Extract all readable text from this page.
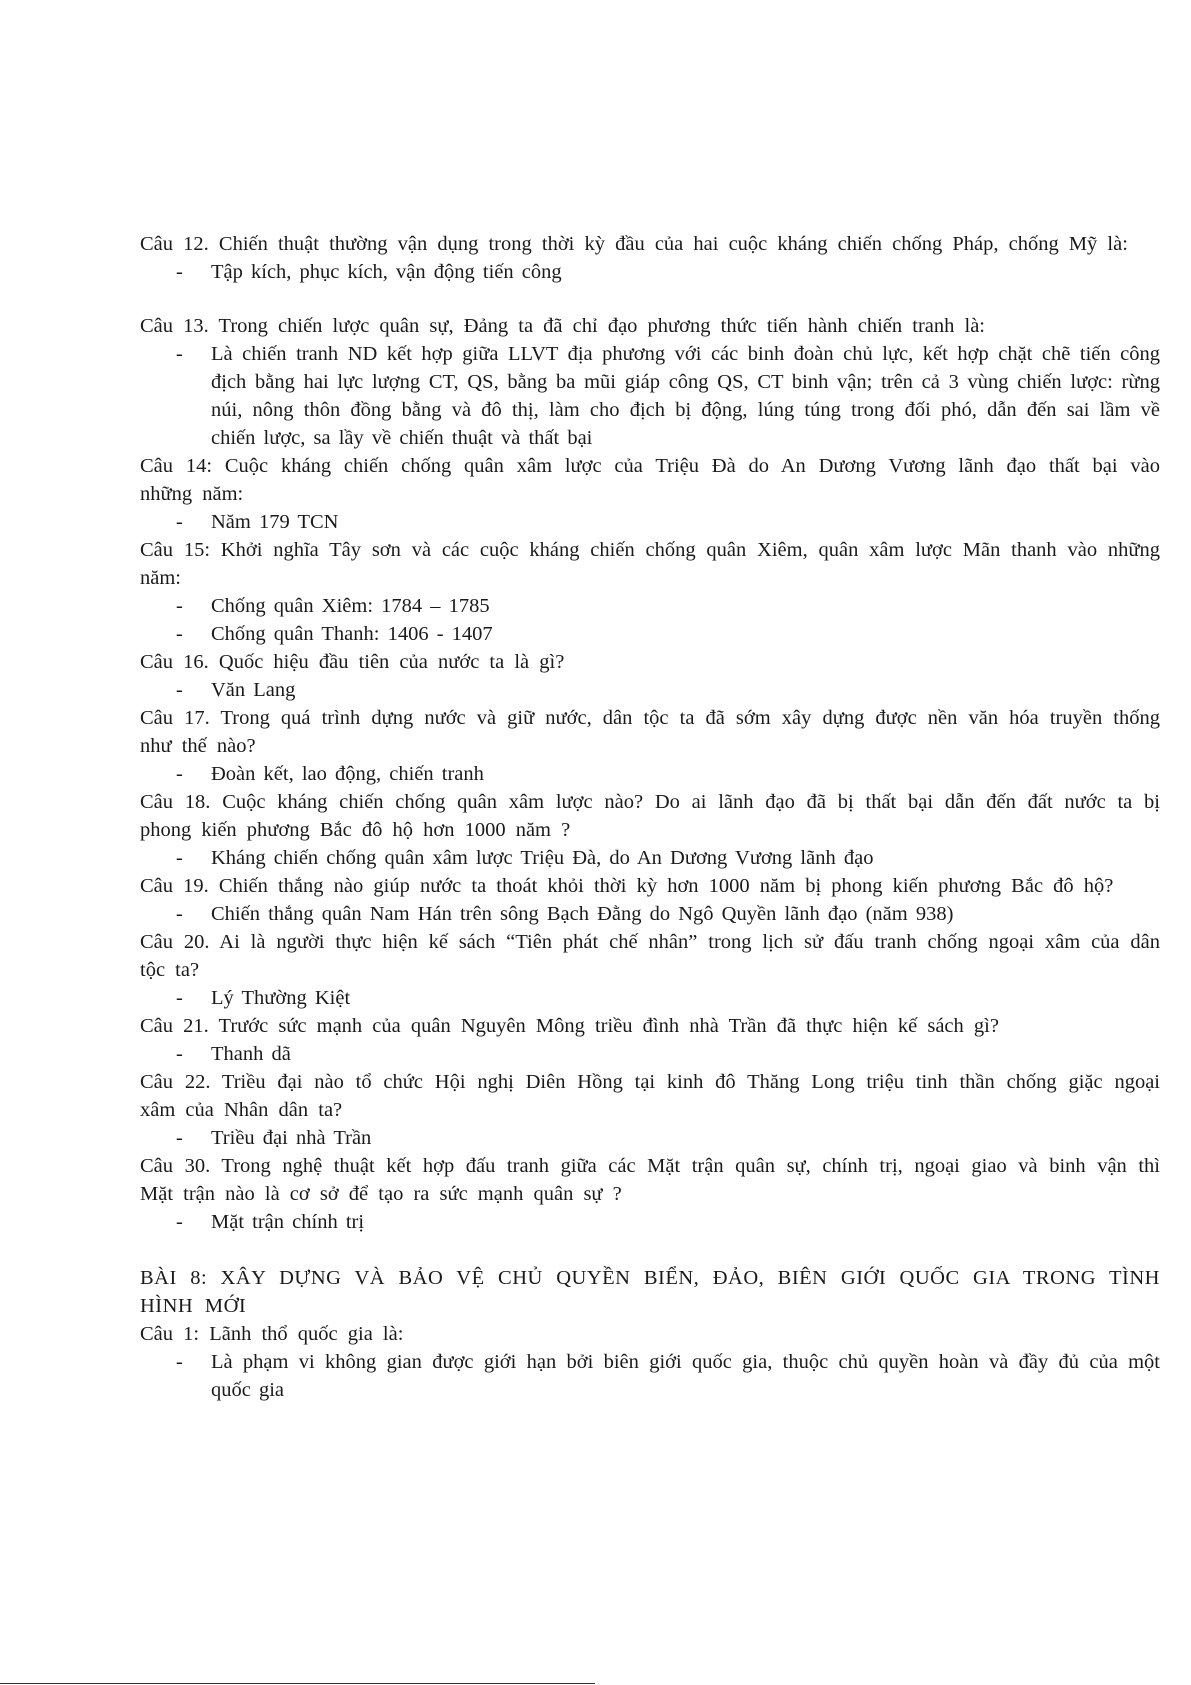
Câu 12. Chiến thuật thường vận dụng trong thời kỳ đầu của hai cuộc kháng chiến chống Pháp, chống Mỹ là:
- Tập kích, phục kích, vận động tiến công
Câu 13. Trong chiến lược quân sự, Đảng ta đã chỉ đạo phương thức tiến hành chiến tranh là:
- Là chiến tranh ND kết hợp giữa LLVT địa phương với các binh đoàn chủ lực, kết hợp chặt chẽ tiến công địch bằng hai lực lượng CT, QS, bằng ba mũi giáp công QS, CT binh vận; trên cả 3 vùng chiến lược: rừng núi, nông thôn đồng bằng và đô thị, làm cho địch bị động, lúng túng trong đối phó, dẫn đến sai lầm về chiến lược, sa lầy về chiến thuật và thất bại
Câu 14: Cuộc kháng chiến chống quân xâm lược của Triệu Đà do An Dương Vương lãnh đạo thất bại vào những năm:
- Năm 179 TCN
Câu 15: Khởi nghĩa Tây sơn và các cuộc kháng chiến chống quân Xiêm, quân xâm lược Mãn thanh vào những năm:
- Chống quân Xiêm: 1784 – 1785
- Chống quân Thanh: 1406 - 1407
Câu 16. Quốc hiệu đầu tiên của nước ta là gì?
- Văn Lang
Câu 17. Trong quá trình dựng nước và giữ nước, dân tộc ta đã sớm xây dựng được nền văn hóa truyền thống như thế nào?
- Đoàn kết, lao động, chiến tranh
Câu 18. Cuộc kháng chiến chống quân xâm lược nào? Do ai lãnh đạo đã bị thất bại dẫn đến đất nước ta bị phong kiến phương Bắc đô hộ hơn 1000 năm ?
- Kháng chiến chống quân xâm lược Triệu Đà, do An Dương Vương lãnh đạo
Câu 19. Chiến thắng nào giúp nước ta thoát khỏi thời kỳ hơn 1000 năm bị phong kiến phương Bắc đô hộ?
- Chiến thắng quân Nam Hán trên sông Bạch Đằng do Ngô Quyền lãnh đạo (năm 938)
Câu 20. Ai là người thực hiện kế sách “Tiên phát chế nhân” trong lịch sử đấu tranh chống ngoại xâm của dân tộc ta?
- Lý Thường Kiệt
Câu 21. Trước sức mạnh của quân Nguyên Mông triều đình nhà Trần đã thực hiện kế sách gì?
- Thanh dã
Câu 22. Triều đại nào tổ chức Hội nghị Diên Hồng tại kinh đô Thăng Long triệu tinh thần chống giặc ngoại xâm của Nhân dân ta?
- Triều đại nhà Trần
Câu 30. Trong nghệ thuật kết hợp đấu tranh giữa các Mặt trận quân sự, chính trị, ngoại giao và binh vận thì Mặt trận nào là cơ sở để tạo ra sức mạnh quân sự ?
- Mặt trận chính trị
BÀI 8: XÂY DỰNG VÀ BẢO VỆ CHỦ QUYỀN BIỂN, ĐẢO, BIÊN GIỚI QUỐC GIA TRONG TÌNH HÌNH MỚI
Câu 1: Lãnh thổ quốc gia là:
- Là phạm vi không gian được giới hạn bởi biên giới quốc gia, thuộc chủ quyền hoàn và đầy đủ của một quốc gia
